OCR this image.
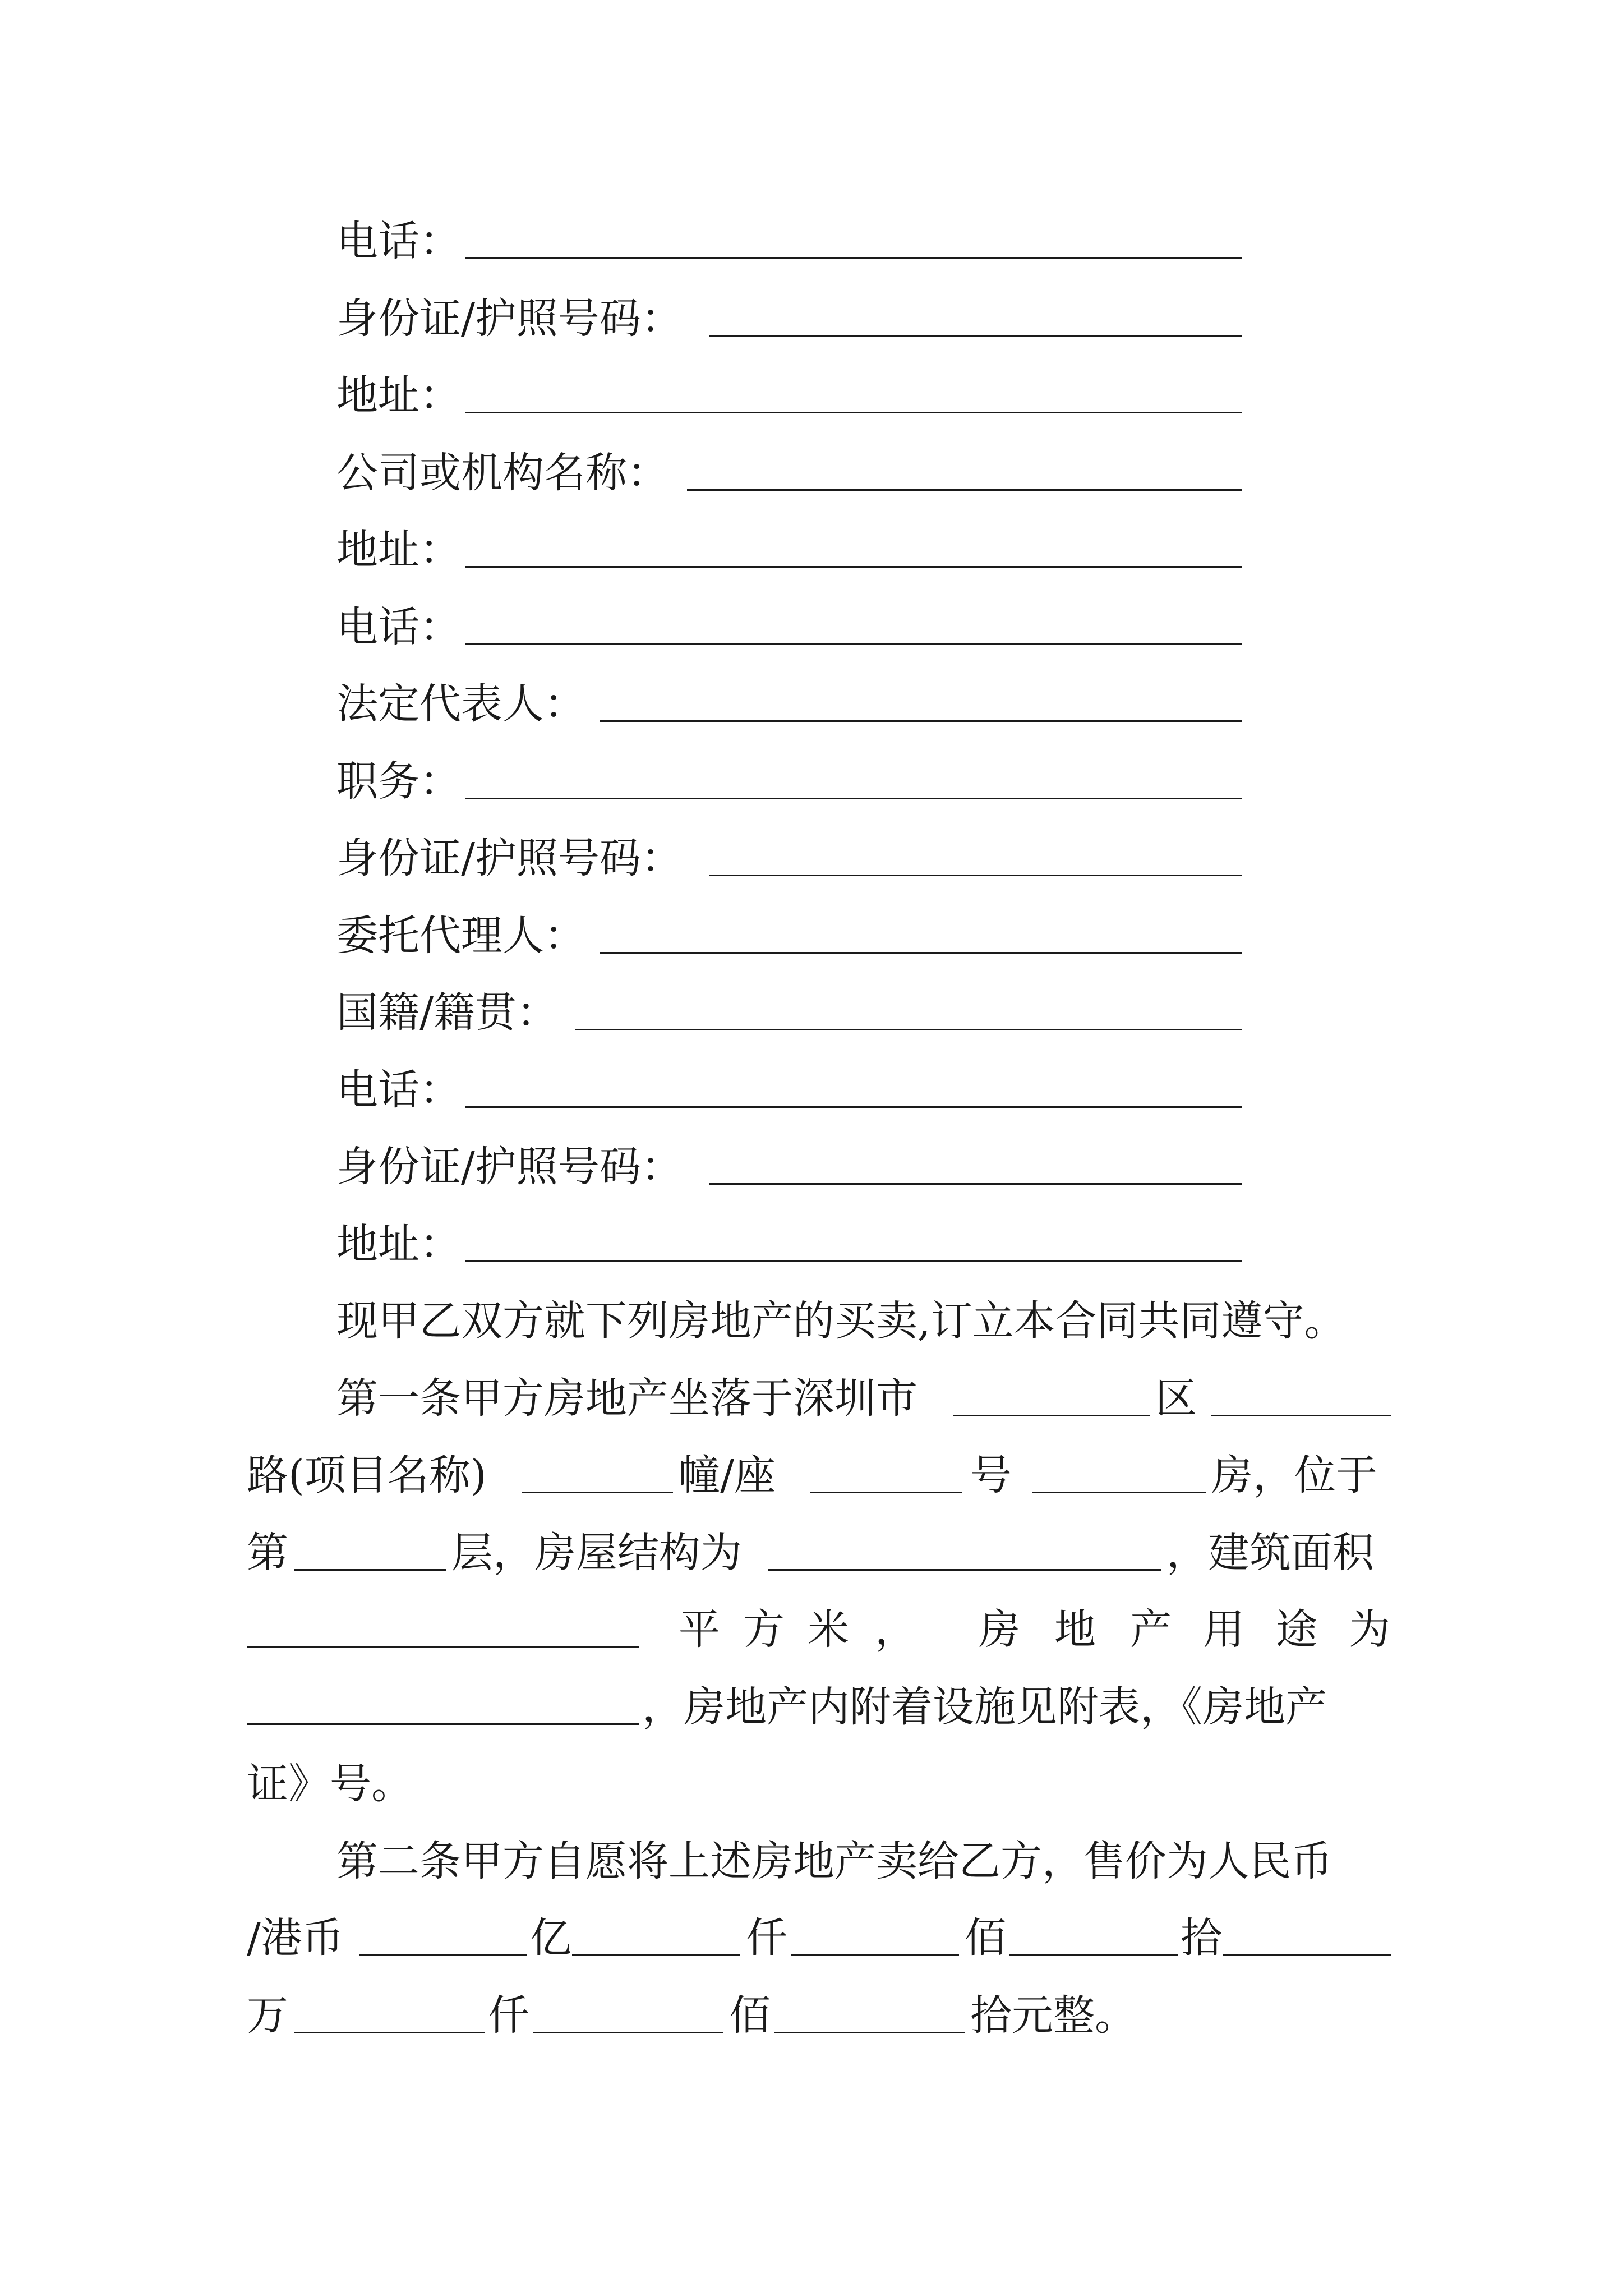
电话：
身份证/护照号码：
地址：
公司或机构名称：
地址：
电话：
法定代表人：
职务：
身份证/护照号码：
委托代理人：
国籍/籍贯：
电话：
身份证/护照号码：
地址：
现甲乙双方就下列房地产的买卖,订立本合同共同遵守。
第一条甲方房地产坐落于深圳市	区
路(项目名称)	幢/座	号	房，位于
第	层，房屋结构为	，建筑面积
平 方 米 ， 房 地 产 用 途 为
，房地产内附着设施见附表，《房地产
证》号。
第二条甲方自愿将上述房地产卖给乙方，售价为人民币
/港币	亿	仟	佰	拾
万	仟	佰	拾元整。
